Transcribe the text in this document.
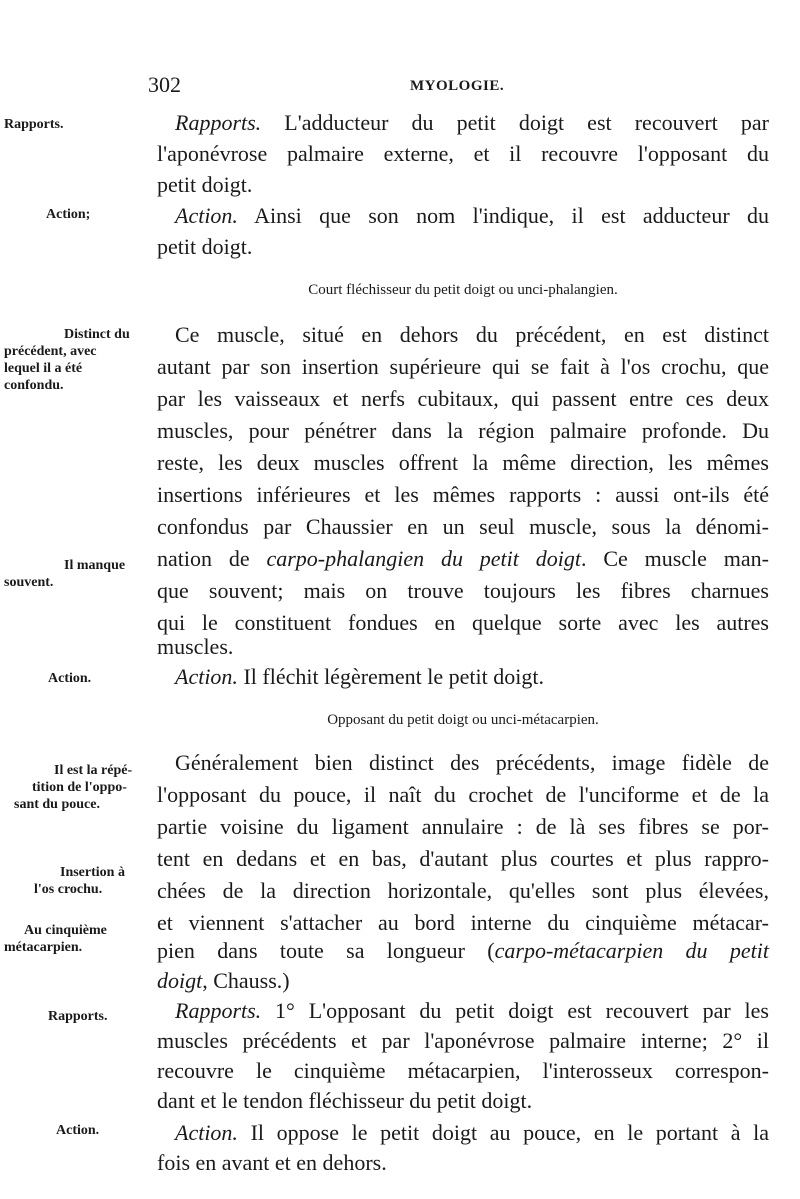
302	MYOLOGIE.
Rapports.
Action;
Distinct du
précédent, avec
lequel il a été
confondu.
Il manque
souvent.
Action.
Il est la répé-
tition de l'oppo-
sant du pouce.
Insertion à
l'os crochu.
Au cinquième
métacarpien.
Rapports.
Action.
Rapports. L'adducteur du petit doigt est recouvert par
l'aponévrose palmaire externe, et il recouvre l'opposant du
petit doigt.
Action. Ainsi que son nom l'indique, il est adducteur du
petit doigt.
Court fléchisseur du petit doigt ou unci-phalangien.
Ce muscle, situé en dehors du précédent, en est distinct
autant par son insertion supérieure qui se fait à l'os crochu, que
par les vaisseaux et nerfs cubitaux, qui passent entre ces deux
muscles, pour pénétrer dans la région palmaire profonde. Du
reste, les deux muscles offrent la même direction, les mêmes
insertions inférieures et les mêmes rapports : aussi ont-ils été
confondus par Chaussier en un seul muscle, sous la dénomi-
nation de carpo-phalangien du petit doigt. Ce muscle man-
que souvent; mais on trouve toujours les fibres charnues
qui le constituent fondues en quelque sorte avec les autres
muscles.
Action. Il fléchit légèrement le petit doigt.
Opposant du petit doigt ou unci-métacarpien.
Généralement bien distinct des précédents, image fidèle de
l'opposant du pouce, il naît du crochet de l'unciforme et de la
partie voisine du ligament annulaire : de là ses fibres se por-
tent en dedans et en bas, d'autant plus courtes et plus rappro-
chées de la direction horizontale, qu'elles sont plus élevées,
et viennent s'attacher au bord interne du cinquième métacar-
pien dans toute sa longueur (carpo-métacarpien du petit
doigt, Chauss.)
Rapports. 1° L'opposant du petit doigt est recouvert par les
muscles précédents et par l'aponévrose palmaire interne; 2° il
recouvre le cinquième métacarpien, l'interosseux correspon-
dant et le tendon fléchisseur du petit doigt.
Action. Il oppose le petit doigt au pouce, en le portant à la
fois en avant et en dehors.
